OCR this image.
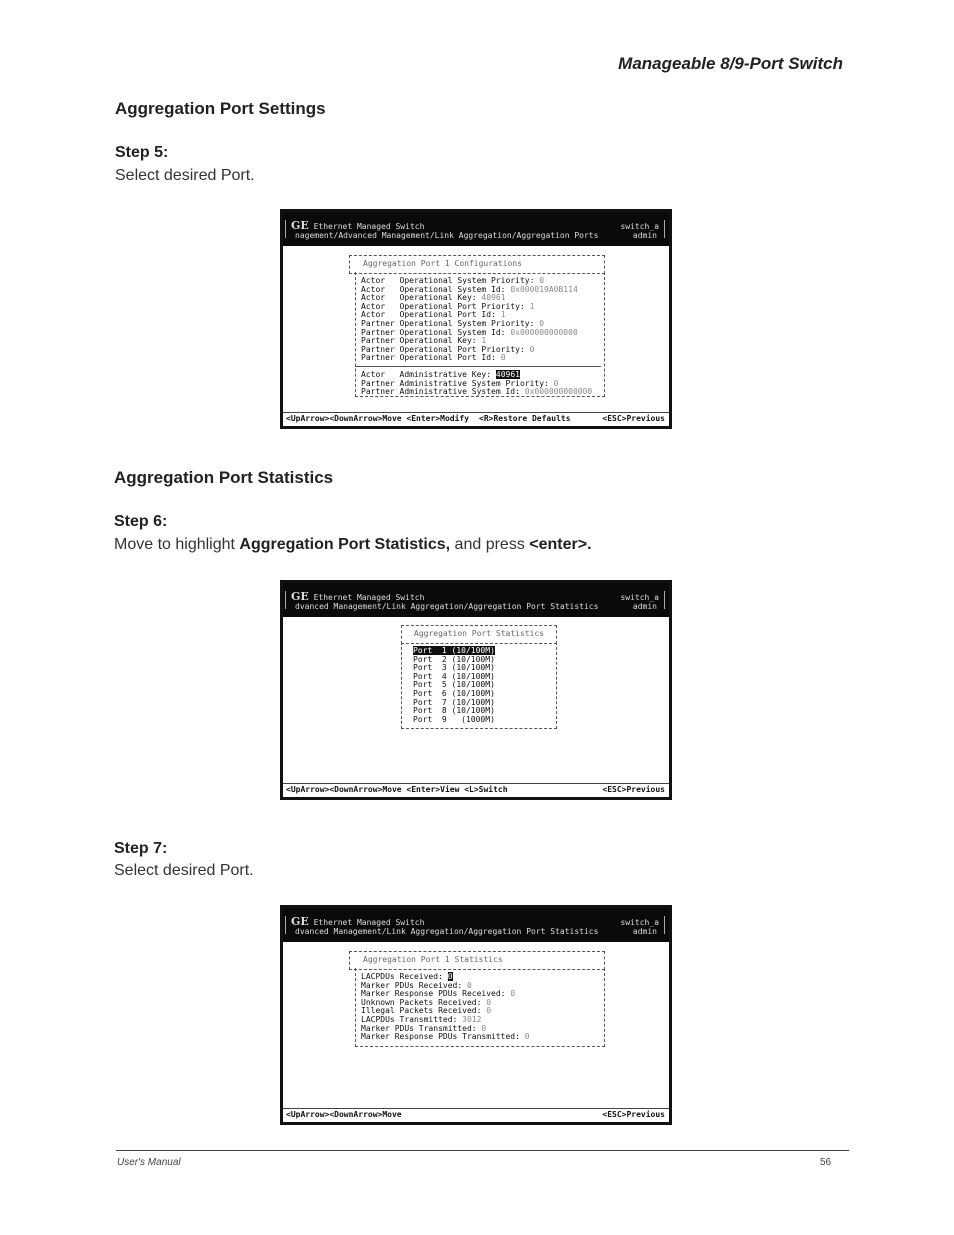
Manageable 8/9-Port Switch
Aggregation Port Settings
Step 5:
Select desired Port.
GE Ethernet Managed Switch
nagement/Advanced Management/Link Aggregation/Aggregation Ports
switch_a
admin
Aggregation Port 1 Configurations
Actor   Operational System Priority: 0
Actor   Operational System Id: 0x000019A0B114
Actor   Operational Key: 40961
Actor   Operational Port Priority: 1
Actor   Operational Port Id: 1
Partner Operational System Priority: 0
Partner Operational System Id: 0x000000000000
Partner Operational Key: 1
Partner Operational Port Priority: 0
Partner Operational Port Id: 0
Actor   Administrative Key: 40961
Partner Administrative System Priority: 0
Partner Administrative System Id: 0x000000000000
<UpArrow><DownArrow>Move <Enter>Modify <R>Restore Defaults	<ESC>Previous
Aggregation Port Statistics
Step 6:
Move to highlight Aggregation Port Statistics, and press <enter>.
GE Ethernet Managed Switch
dvanced Management/Link Aggregation/Aggregation Port Statistics
switch_a
admin
Aggregation Port Statistics
Port  1 (10/100M)
Port  2 (10/100M)
Port  3 (10/100M)
Port  4 (10/100M)
Port  5 (10/100M)
Port  6 (10/100M)
Port  7 (10/100M)
Port  8 (10/100M)
Port  9   (1000M)
<UpArrow><DownArrow>Move <Enter>View <L>Switch	<ESC>Previous
Step 7:
Select desired Port.
GE Ethernet Managed Switch
dvanced Management/Link Aggregation/Aggregation Port Statistics
switch_a
admin
Aggregation Port 1 Statistics
LACPDUs Received: 0
Marker PDUs Received: 0
Marker Response PDUs Received: 0
Unknown Packets Received: 0
Illegal Packets Received: 0
LACPDUs Transmitted: 3012
Marker PDUs Transmitted: 0
Marker Response PDUs Transmitted: 0
<UpArrow><DownArrow>Move	<ESC>Previous
User's Manual	56
